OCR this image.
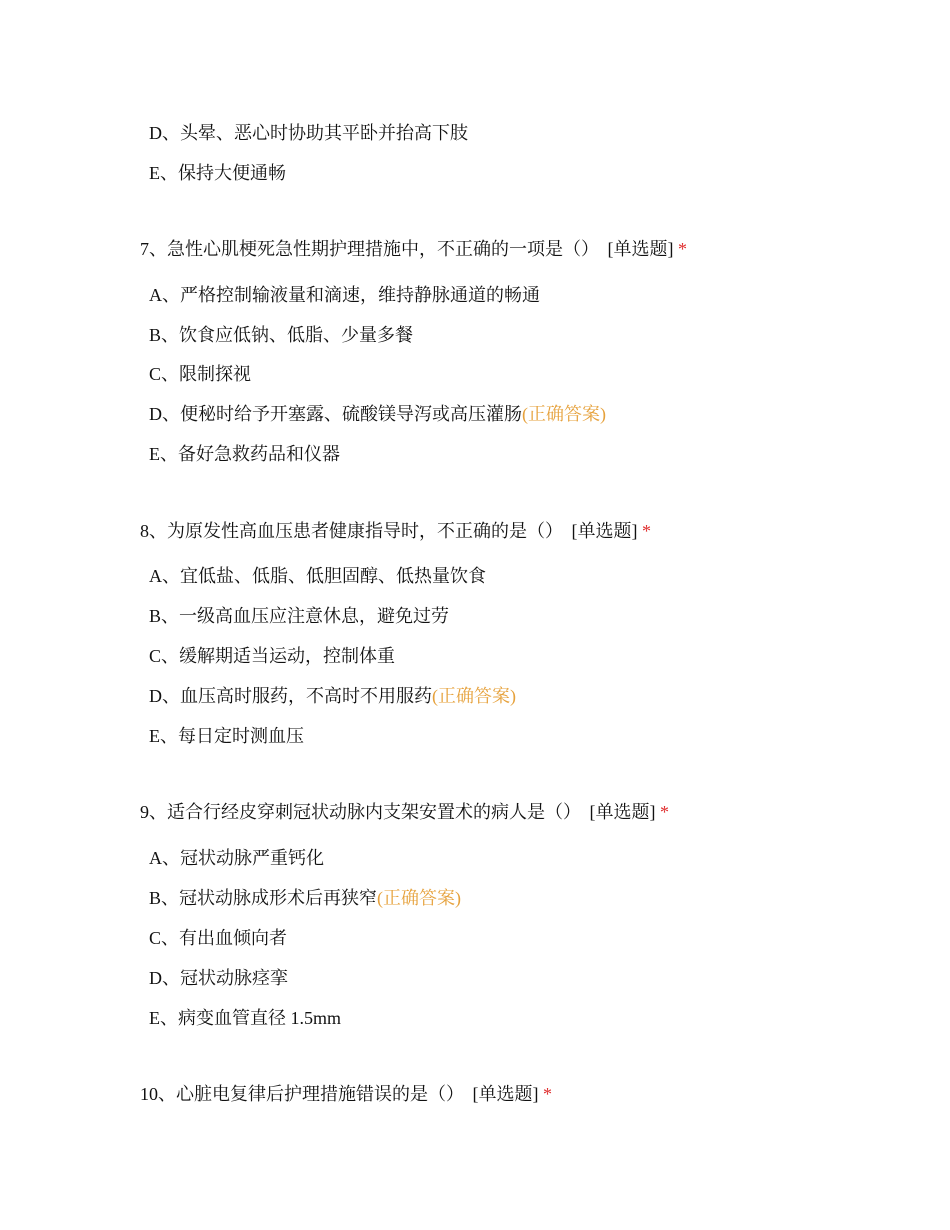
D、头晕、恶心时协助其平卧并抬高下肢
E、保持大便通畅
7、急性心肌梗死急性期护理措施中，不正确的一项是（） [单选题] *
A、严格控制输液量和滴速，维持静脉通道的畅通
B、饮食应低钠、低脂、少量多餐
C、限制探视
D、便秘时给予开塞露、硫酸镁导泻或高压灌肠(正确答案)
E、备好急救药品和仪器
8、为原发性高血压患者健康指导时，不正确的是（） [单选题] *
A、宜低盐、低脂、低胆固醇、低热量饮食
B、一级高血压应注意休息，避免过劳
C、缓解期适当运动，控制体重
D、血压高时服药，不高时不用服药(正确答案)
E、每日定时测血压
9、适合行经皮穿刺冠状动脉内支架安置术的病人是（） [单选题] *
A、冠状动脉严重钙化
B、冠状动脉成形术后再狭窄(正确答案)
C、有出血倾向者
D、冠状动脉痉挛
E、病变血管直径 1.5mm
10、心脏电复律后护理措施错误的是（） [单选题] *
